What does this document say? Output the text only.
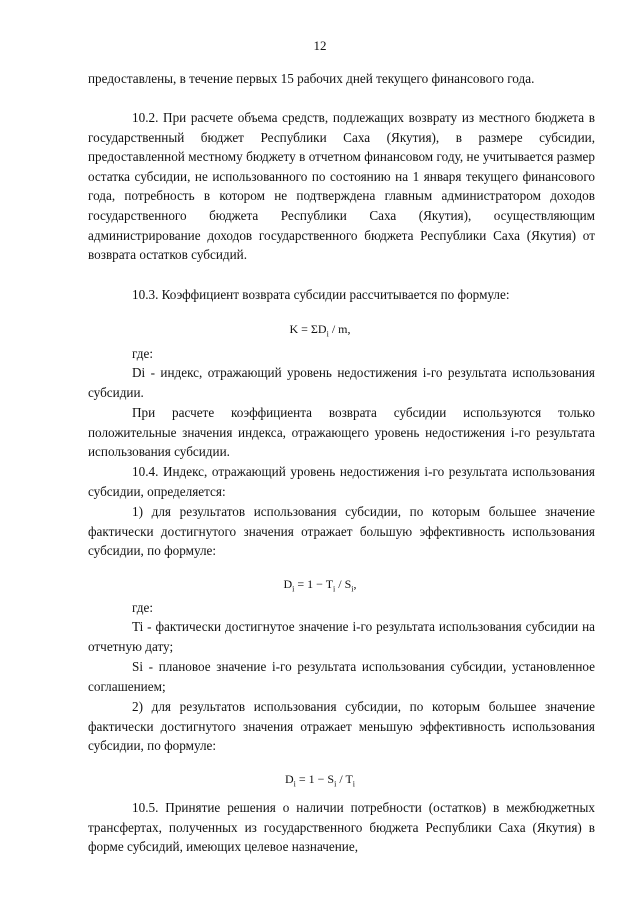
12

предоставлены, в течение первых 15 рабочих дней текущего финансового года.

10.2. При расчете объема средств, подлежащих возврату из местного бюджета в государственный бюджет Республики Саха (Якутия), в размере субсидии, предоставленной местному бюджету в отчетном финансовом году, не учитывается размер остатка субсидии, не использованного по состоянию на 1 января текущего финансового года, потребность в котором не подтверждена главным администратором доходов государственного бюджета Республики Саха (Якутия), осуществляющим администрирование доходов государственного бюджета Республики Саха (Якутия) от возврата остатков субсидий.

10.3. Коэффициент возврата субсидии рассчитывается по формуле:

$K = \Sigma D_i / m$,

где:

Di - индекс, отражающий уровень недостижения i-го результата использования субсидии.

При расчете коэффициента возврата субсидии используются только положительные значения индекса, отражающего уровень недостижения i-го результата использования субсидии.

10.4. Индекс, отражающий уровень недостижения i-го результата использования субсидии, определяется:

1) для результатов использования субсидии, по которым большее значение фактически достигнутого значения отражает большую эффективность использования субсидии, по формуле:

$D_i = 1 - T_i / S_i$,

где:

Ti - фактически достигнутое значение i-го результата использования субсидии на отчетную дату;

Si - плановое значение i-го результата использования субсидии, установленное соглашением;

2) для результатов использования субсидии, по которым большее значение фактически достигнутого значения отражает меньшую эффективность использования субсидии, по формуле:

$D_i = 1 - S_i / T_i$

10.5. Принятие решения о наличии потребности (остатков) в межбюджетных трансфертах, полученных из государственного бюджета Республики Саха (Якутия) в форме субсидий, имеющих целевое назначение,
